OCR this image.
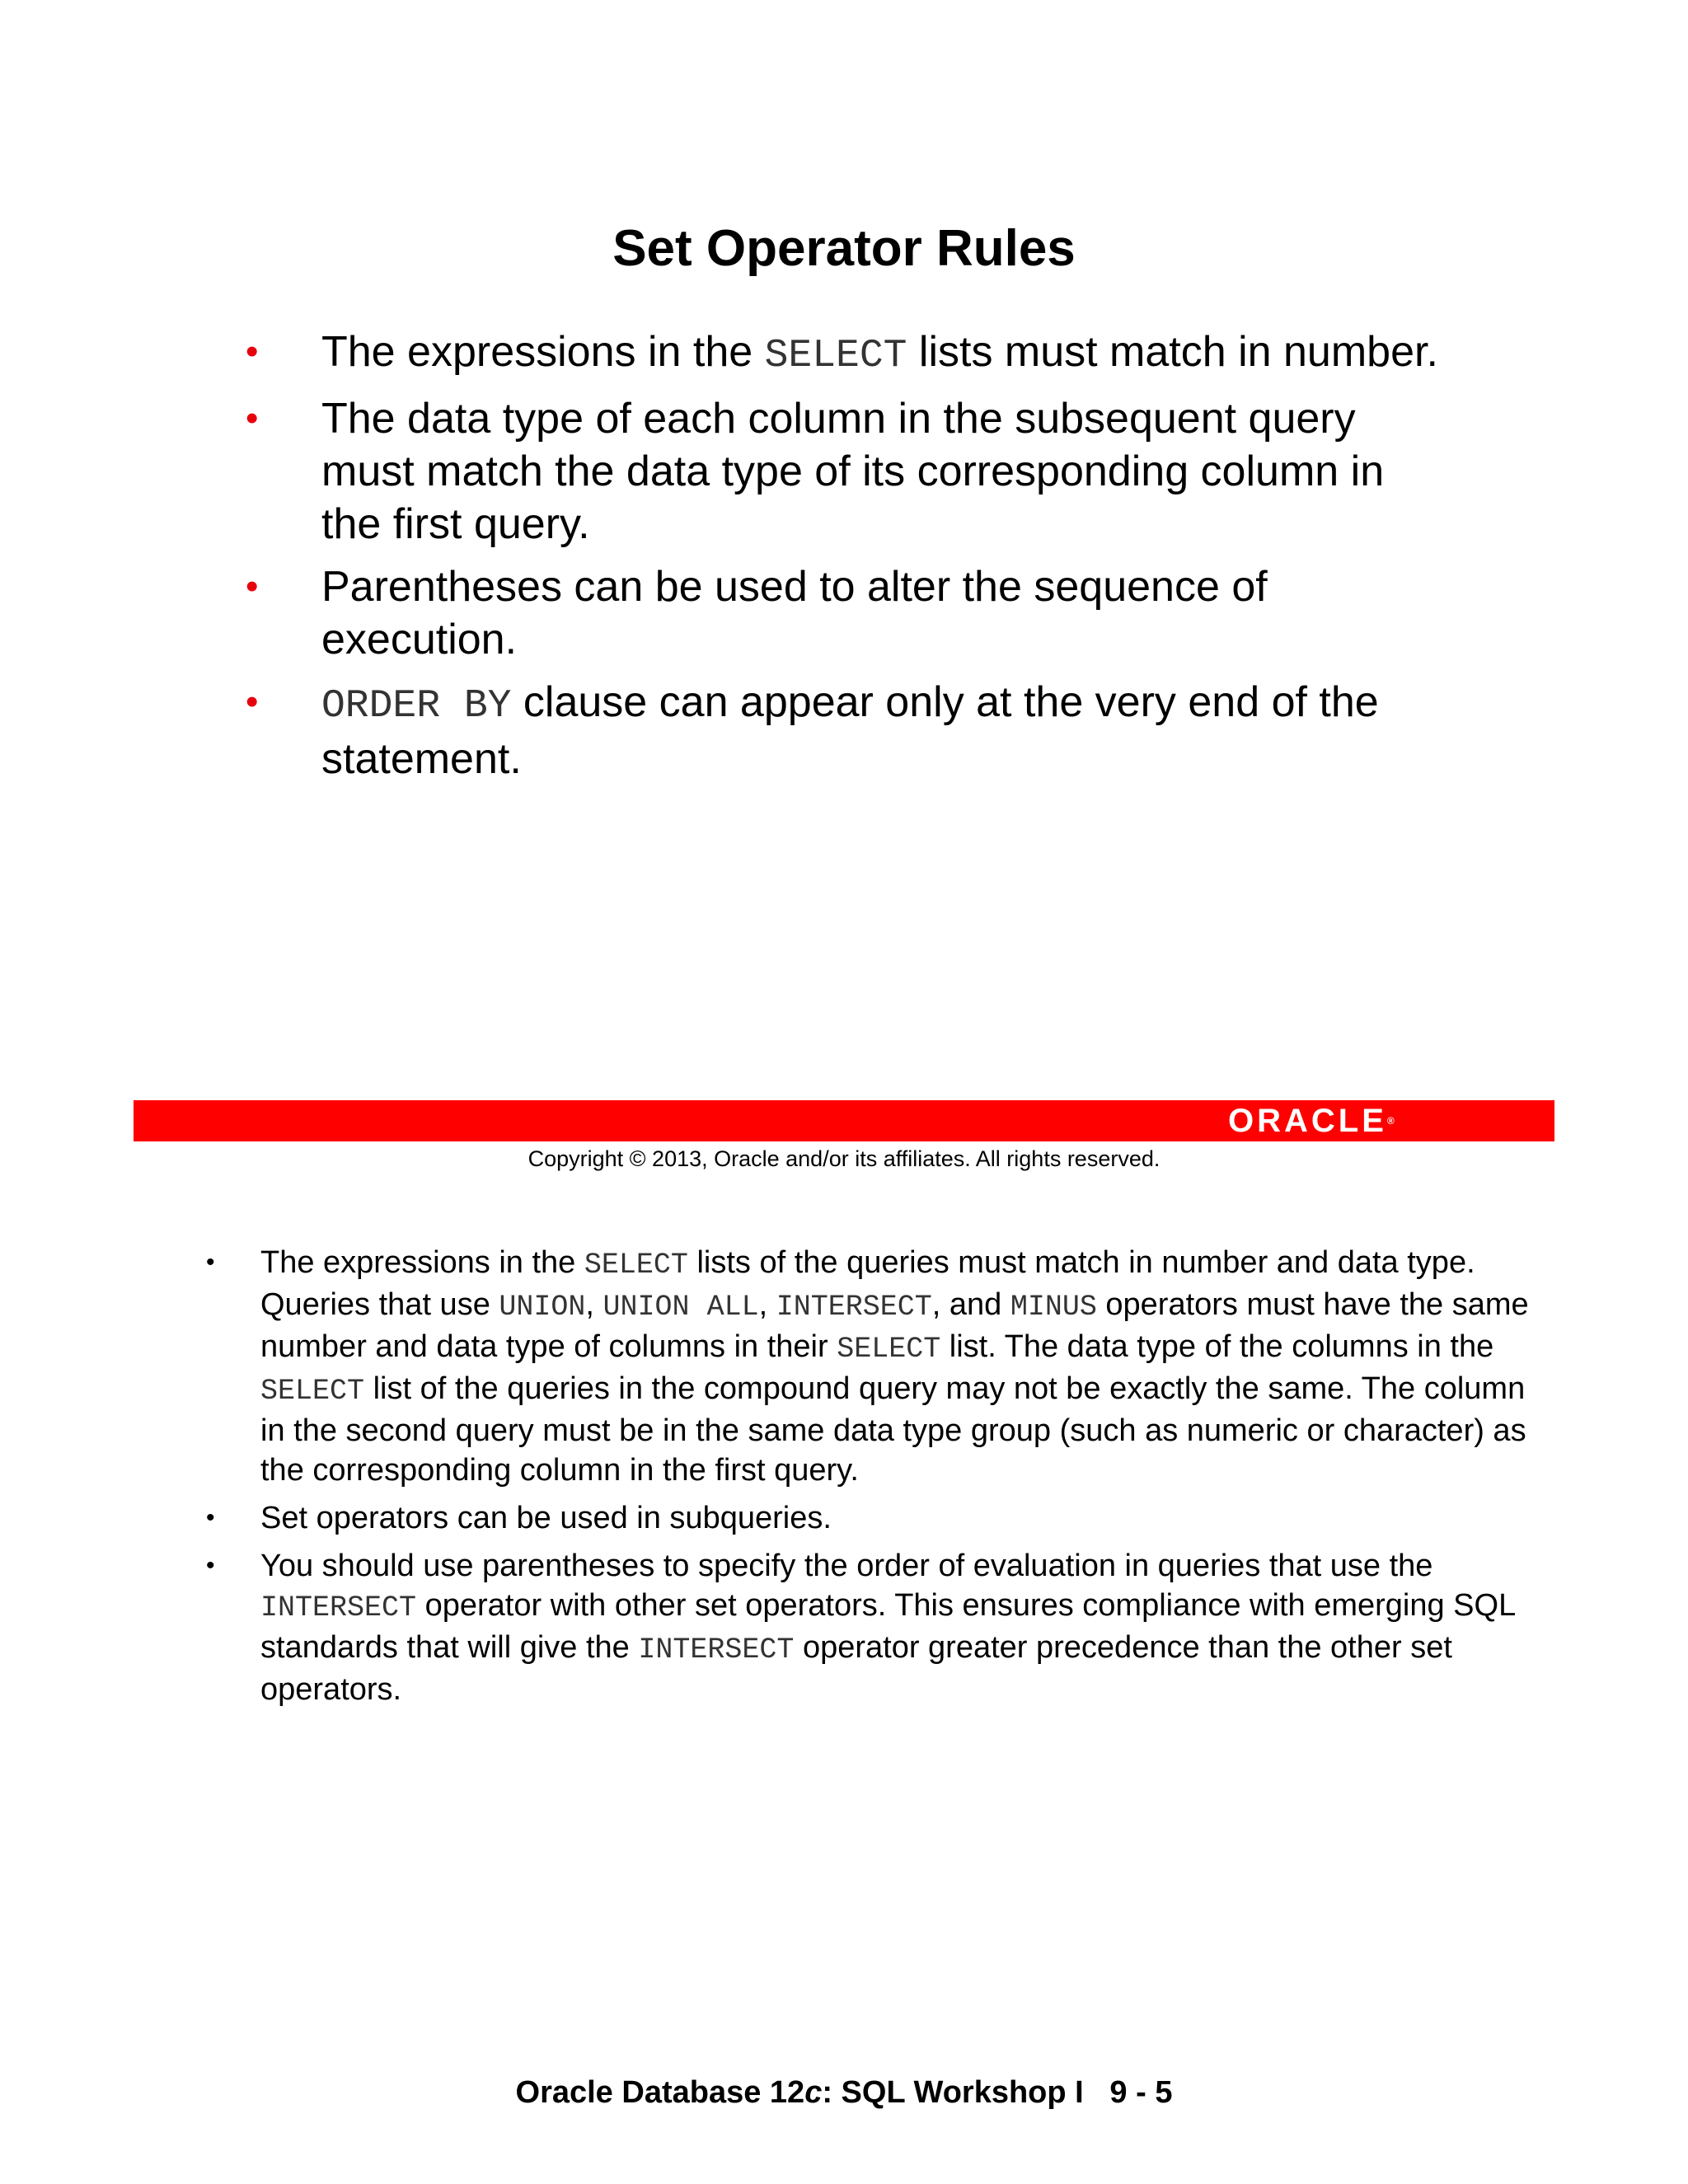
Set Operator Rules
• The expressions in the SELECT lists must match in number.
• The data type of each column in the subsequent query must match the data type of its corresponding column in the first query.
• Parentheses can be used to alter the sequence of execution.
• ORDER BY clause can appear only at the very end of the statement.
ORACLE®
Copyright © 2013, Oracle and/or its affiliates. All rights reserved.
• The expressions in the SELECT lists of the queries must match in number and data type. Queries that use UNION, UNION ALL, INTERSECT, and MINUS operators must have the same number and data type of columns in their SELECT list. The data type of the columns in the SELECT list of the queries in the compound query may not be exactly the same. The column in the second query must be in the same data type group (such as numeric or character) as the corresponding column in the first query.
• Set operators can be used in subqueries.
• You should use parentheses to specify the order of evaluation in queries that use the INTERSECT operator with other set operators. This ensures compliance with emerging SQL standards that will give the INTERSECT operator greater precedence than the other set operators.
Oracle Database 12c: SQL Workshop I 9 - 5
